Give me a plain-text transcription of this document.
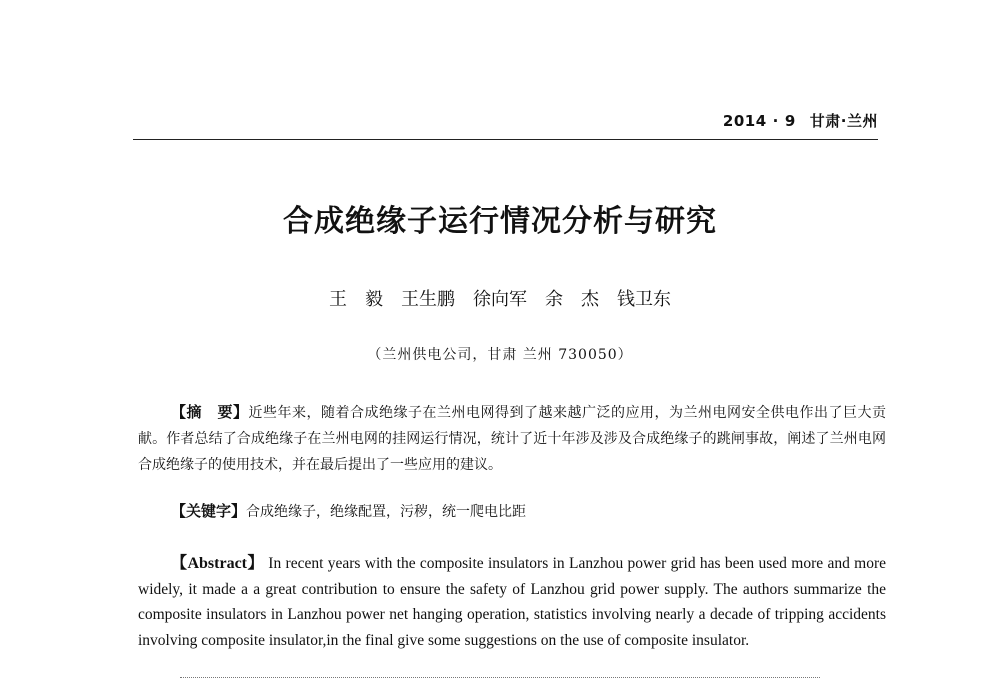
2014 · 9 甘肃·兰州
合成绝缘子运行情况分析与研究
王　毅　王生鹏　徐向军　余　杰　钱卫东
（兰州供电公司，甘肃 兰州 730050）
【摘　要】近些年来，随着合成绝缘子在兰州电网得到了越来越广泛的应用，为兰州电网安全供电作出了巨大贡献。作者总结了合成绝缘子在兰州电网的挂网运行情况，统计了近十年涉及涉及合成绝缘子的跳闸事故，阐述了兰州电网合成绝缘子的使用技术，并在最后提出了一些应用的建议。
【关键字】合成绝缘子，绝缘配置，污秽，统一爬电比距
【Abstract】 In recent years with the composite insulators in Lanzhou power grid has been used more and more widely, it made a a great contribution to ensure the safety of Lanzhou grid power supply. The authors summarize the composite insulators in Lanzhou power net hanging operation, statistics involving nearly a decade of tripping accidents involving composite insulator,in the final give some suggestions on the use of composite insulator.
